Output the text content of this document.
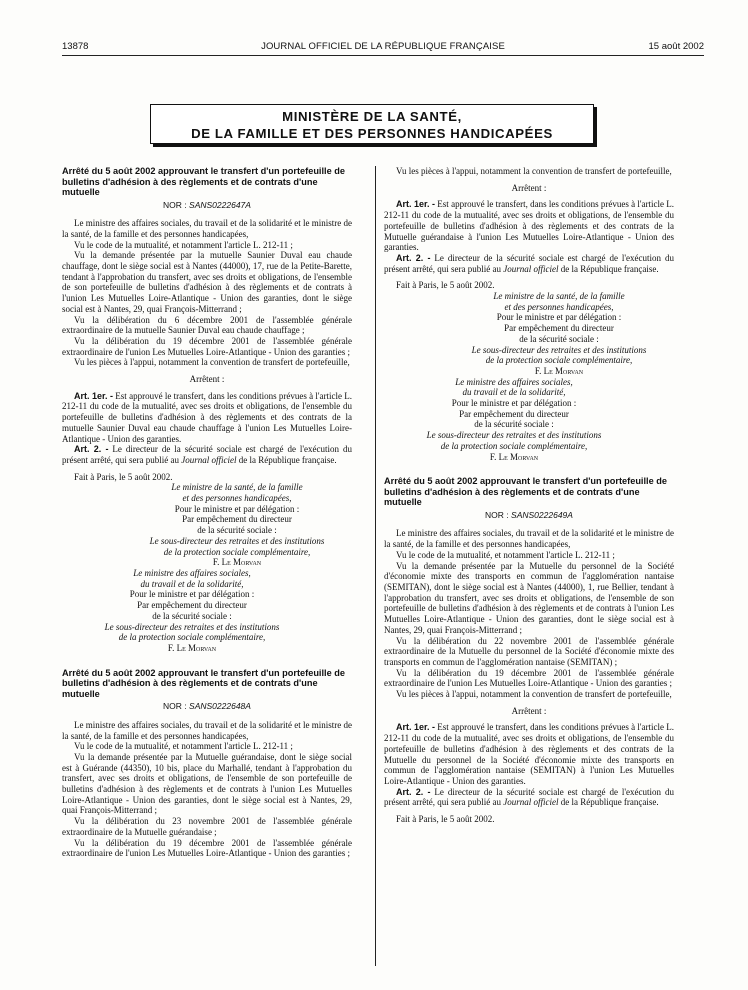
13878	JOURNAL OFFICIEL DE LA RÉPUBLIQUE FRANÇAISE	15 août 2002
MINISTÈRE DE LA SANTÉ,
DE LA FAMILLE ET DES PERSONNES HANDICAPÉES
Arrêté du 5 août 2002 approuvant le transfert d'un portefeuille de bulletins d'adhésion à des règlements et de contrats d'une mutuelle
NOR : SANS0222647A

Le ministre des affaires sociales, du travail et de la solidarité et le ministre de la santé, de la famille et des personnes handicapées,

Vu le code de la mutualité, et notamment l'article L. 212-11 ;

Vu la demande présentée par la mutuelle Saunier Duval eau chaude chauffage, dont le siège social est à Nantes (44000), 17, rue de la Petite-Barette, tendant à l'approbation du transfert, avec ses droits et obligations, de l'ensemble de son portefeuille de bulletins d'adhésion à des règlements et de contrats à l'union Les Mutuelles Loire-Atlantique - Union des garanties, dont le siège social est à Nantes, 29, quai François-Mitterrand ;

Vu la délibération du 6 décembre 2001 de l'assemblée générale extraordinaire de la mutuelle Saunier Duval eau chaude chauffage ;

Vu la délibération du 19 décembre 2001 de l'assemblée générale extraordinaire de l'union Les Mutuelles Loire-Atlantique - Union des garanties ;

Vu les pièces à l'appui, notamment la convention de transfert de portefeuille,

Arrêtent :

Art. 1er. - Est approuvé le transfert, dans les conditions prévues à l'article L. 212-11 du code de la mutualité, avec ses droits et obligations, de l'ensemble du portefeuille de bulletins d'adhésion à des règlements et des contrats de la mutuelle Saunier Duval eau chaude chauffage à l'union Les Mutuelles Loire-Atlantique - Union des garanties.

Art. 2. - Le directeur de la sécurité sociale est chargé de l'exécution du présent arrêté, qui sera publié au Journal officiel de la République française.

Fait à Paris, le 5 août 2002.

Le ministre de la santé, de la famille
et des personnes handicapées,
Pour le ministre et par délégation :
Par empêchement du directeur
de la sécurité sociale :
Le sous-directeur des retraites et des institutions
de la protection sociale complémentaire,
F. Le Morvan
Le ministre des affaires sociales,
du travail et de la solidarité,
Pour le ministre et par délégation :
Par empêchement du directeur
de la sécurité sociale :
Le sous-directeur des retraites et des institutions
de la protection sociale complémentaire,
F. Le Morvan
Arrêté du 5 août 2002 approuvant le transfert d'un portefeuille de bulletins d'adhésion à des règlements et de contrats d'une mutuelle
NOR : SANS0222648A

Le ministre des affaires sociales, du travail et de la solidarité et le ministre de la santé, de la famille et des personnes handicapées,

Vu le code de la mutualité, et notamment l'article L. 212-11 ;

Vu la demande présentée par la Mutuelle guérandaise, dont le siège social est à Guérande (44350), 10 bis, place du Marhallé, tendant à l'approbation du transfert, avec ses droits et obligations, de l'ensemble de son portefeuille de bulletins d'adhésion à des règlements et de contrats à l'union Les Mutuelles Loire-Atlantique - Union des garanties, dont le siège social est à Nantes, 29, quai François-Mitterrand ;

Vu la délibération du 23 novembre 2001 de l'assemblée générale extraordinaire de la Mutuelle guérandaise ;

Vu la délibération du 19 décembre 2001 de l'assemblée générale extraordinaire de l'union Les Mutuelles Loire-Atlantique - Union des garanties ;

Vu les pièces à l'appui, notamment la convention de transfert de portefeuille,

Arrêtent :

Art. 1er. - Est approuvé le transfert, dans les conditions prévues à l'article L. 212-11 du code de la mutualité, avec ses droits et obligations, de l'ensemble du portefeuille de bulletins d'adhésion à des règlements et des contrats de la Mutuelle guérandaise à l'union Les Mutuelles Loire-Atlantique - Union des garanties.

Art. 2. - Le directeur de la sécurité sociale est chargé de l'exécution du présent arrêté, qui sera publié au Journal officiel de la République française.

Fait à Paris, le 5 août 2002.

Le ministre de la santé, de la famille
et des personnes handicapées,
Pour le ministre et par délégation :
Par empêchement du directeur
de la sécurité sociale :
Le sous-directeur des retraites et des institutions
de la protection sociale complémentaire,
F. Le Morvan
Le ministre des affaires sociales,
du travail et de la solidarité,
Pour le ministre et par délégation :
Par empêchement du directeur
de la sécurité sociale :
Le sous-directeur des retraites et des institutions
de la protection sociale complémentaire,
F. Le Morvan
Arrêté du 5 août 2002 approuvant le transfert d'un portefeuille de bulletins d'adhésion à des règlements et de contrats d'une mutuelle
NOR : SANS0222649A

Le ministre des affaires sociales, du travail et de la solidarité et le ministre de la santé, de la famille et des personnes handicapées,

Vu le code de la mutualité, et notamment l'article L. 212-11 ;

Vu la demande présentée par la Mutuelle du personnel de la Société d'économie mixte des transports en commun de l'agglomération nantaise (SEMITAN), dont le siège social est à Nantes (44000), 1, rue Bellier, tendant à l'approbation du transfert, avec ses droits et obligations, de l'ensemble de son portefeuille de bulletins d'adhésion à des règlements et de contrats à l'union Les Mutuelles Loire-Atlantique - Union des garanties, dont le siège social est à Nantes, 29, quai François-Mitterrand ;

Vu la délibération du 22 novembre 2001 de l'assemblée générale extraordinaire de la Mutuelle du personnel de la Société d'économie mixte des transports en commun de l'agglomération nantaise (SEMITAN) ;

Vu la délibération du 19 décembre 2001 de l'assemblée générale extraordinaire de l'union Les Mutuelles Loire-Atlantique - Union des garanties ;

Vu les pièces à l'appui, notamment la convention de transfert de portefeuille,

Arrêtent :

Art. 1er. - Est approuvé le transfert, dans les conditions prévues à l'article L. 212-11 du code de la mutualité, avec ses droits et obligations, de l'ensemble du portefeuille de bulletins d'adhésion à des règlements et des contrats de la Mutuelle du personnel de la Société d'économie mixte des transports en commun de l'agglomération nantaise (SEMITAN) à l'union Les Mutuelles Loire-Atlantique - Union des garanties.

Art. 2. - Le directeur de la sécurité sociale est chargé de l'exécution du présent arrêté, qui sera publié au Journal officiel de la République française.

Fait à Paris, le 5 août 2002.
